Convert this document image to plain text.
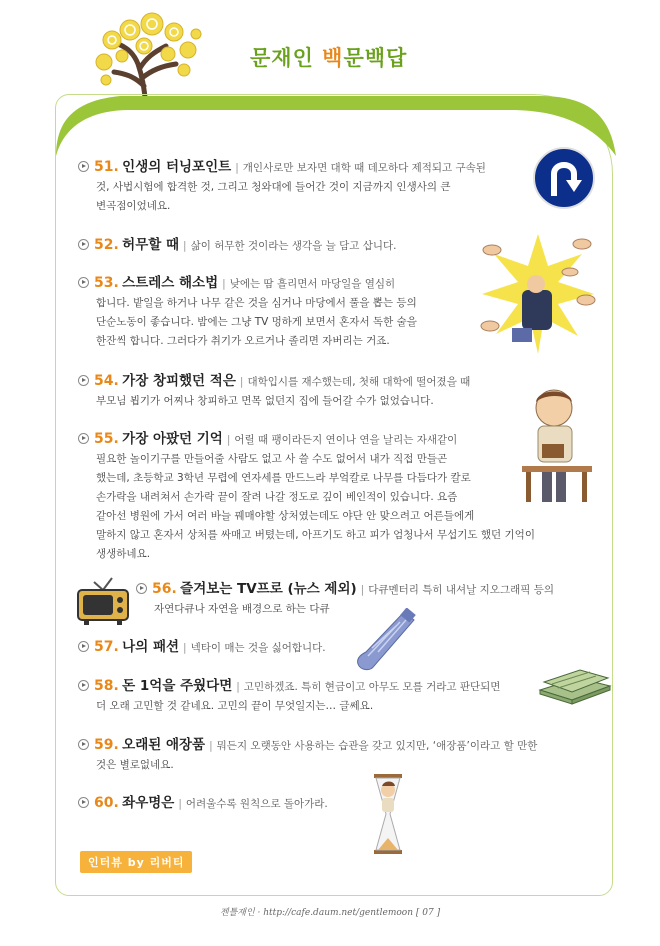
문재인 백문백답
51. 인생의 터닝포인트 | 개인사로만 보자면 대학 때 데모하다 제적되고 구속된
것, 사법시험에 합격한 것, 그리고 청와대에 들어간 것이 지금까지 인생사의 큰
변곡점이었네요.
52. 허무할 때 | 삶이 허무한 것이라는 생각을 늘 담고 삽니다.
53. 스트레스 해소법 | 낮에는 땀 흘리면서 마당일을 열심히
합니다. 밭일을 하거나 나무 같은 것을 심거나 마당에서 풀을 뽑는 등의
단순노동이 좋습니다. 밤에는 그냥 TV 멍하게 보면서 혼자서 독한 술을
한잔씩 합니다. 그러다가 취기가 오르거나 졸리면 자버리는 거죠.
54. 가장 창피했던 적은 | 대학입시를 재수했는데, 첫해 대학에 떨어졌을 때
부모님 뵙기가 어찌나 창피하고 면목 없던지 집에 들어갈 수가 없었습니다.
55. 가장 아팠던 기억 | 어릴 때 팽이라든지 연이나 연을 날리는 자새같이
필요한 놀이기구를 만들어줄 사람도 없고 사 쓸 수도 없어서 내가 직접 만들곤
했는데, 초등학교 3학년 무렵에 연자세를 만드느라 부엌칼로 나무를 다듬다가 칼로
손가락을 내려쳐서 손가락 끝이 잘려 나갈 정도로 깊이 베인적이 있습니다. 요즘
같아선 병원에 가서 여러 바늘 꿰매야할 상처였는데도 야단 안 맞으려고 어른들에게
말하지 않고 혼자서 상처를 싸매고 버텼는데, 아프기도 하고 피가 엄청나서 무섭기도 했던 기억이
생생하네요.
56. 즐겨보는 TV프로 (뉴스 제외) | 다큐멘터리 특히 내셔날 지오그래픽 등의
자연다큐나 자연을 배경으로 하는 다큐
57. 나의 패션 | 넥타이 매는 것을 싫어합니다.
58. 돈 1억을 주웠다면 | 고민하겠죠. 특히 현금이고 아무도 모를 거라고 판단되면
더 오래 고민할 것 같네요. 고민의 끝이 무엇일지는… 글쎄요.
59. 오래된 애장품 | 뭐든지 오랫동안 사용하는 습관을 갖고 있지만, ‘애장품’이라고 할 만한
것은 별로없네요.
60. 좌우명은 | 어려울수록 원칙으로 돌아가라.
인터뷰 by 리버티
젠틀재인 · http://cafe.daum.net/gentlemoon [ 07 ]
